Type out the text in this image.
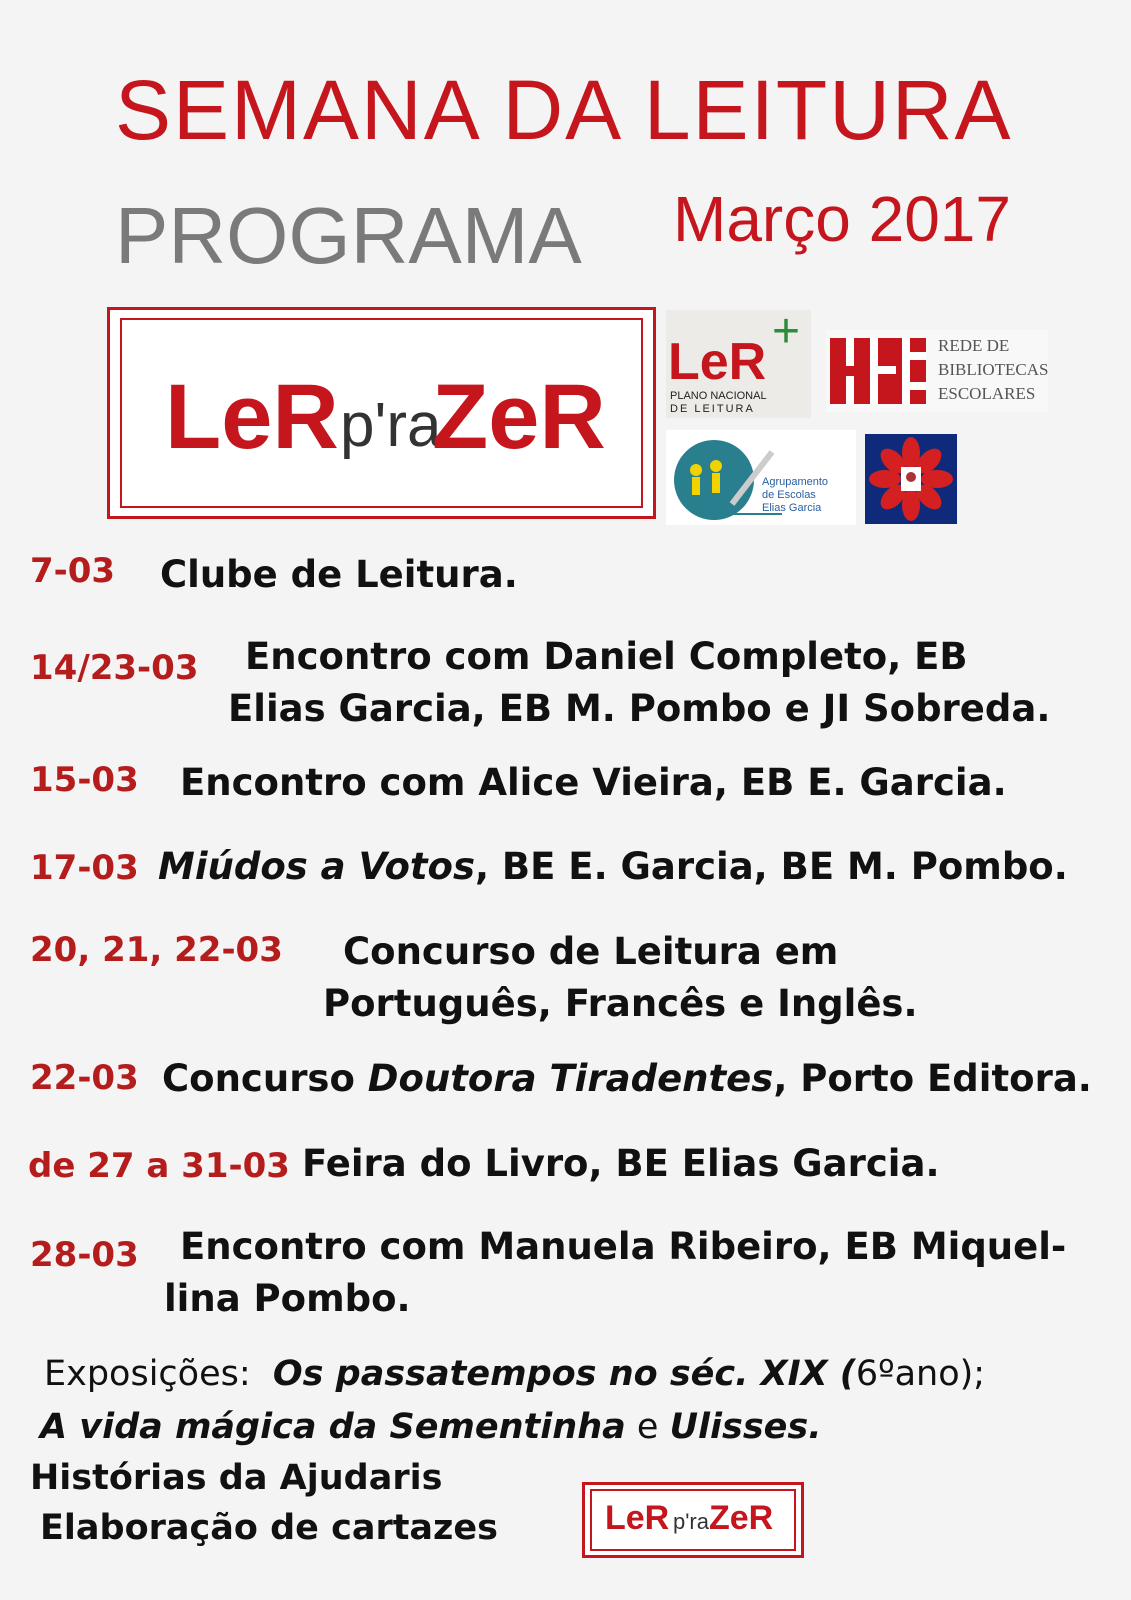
SEMANA DA LEITURA
PROGRAMA Março 2017
LeR p'ra
ZeR
LeR
+
PLANO NACIONAL
DE LEITURA
REDE DE
BIBLIOTECAS
ESCOLARES
Agrupamento
de Escolas
Elias Garcia
7-03 Clube de Leitura.
14/23-03 Encontro com Daniel Completo, EB
Elias Garcia, EB M. Pombo e JI Sobreda.
15-03 Encontro com Alice Vieira, EB E. Garcia.
17-03 Miúdos a Votos, BE E. Garcia, BE M. Pombo.
20, 21, 22-03 Concurso de Leitura em
Português, Francês e Inglês.
22-03 Concurso Doutora Tiradentes, Porto Editora.
de 27 a 31-03 Feira do Livro, BE Elias Garcia.
28-03 Encontro com Manuela Ribeiro, EB Miquel-
lina Pombo.
Exposições: Os passatempos no séc. XIX (6ºano);
A vida mágica da Sementinha e Ulisses.
Histórias da Ajudaris
Elaboração de cartazes	LeR p'ra ZeR
